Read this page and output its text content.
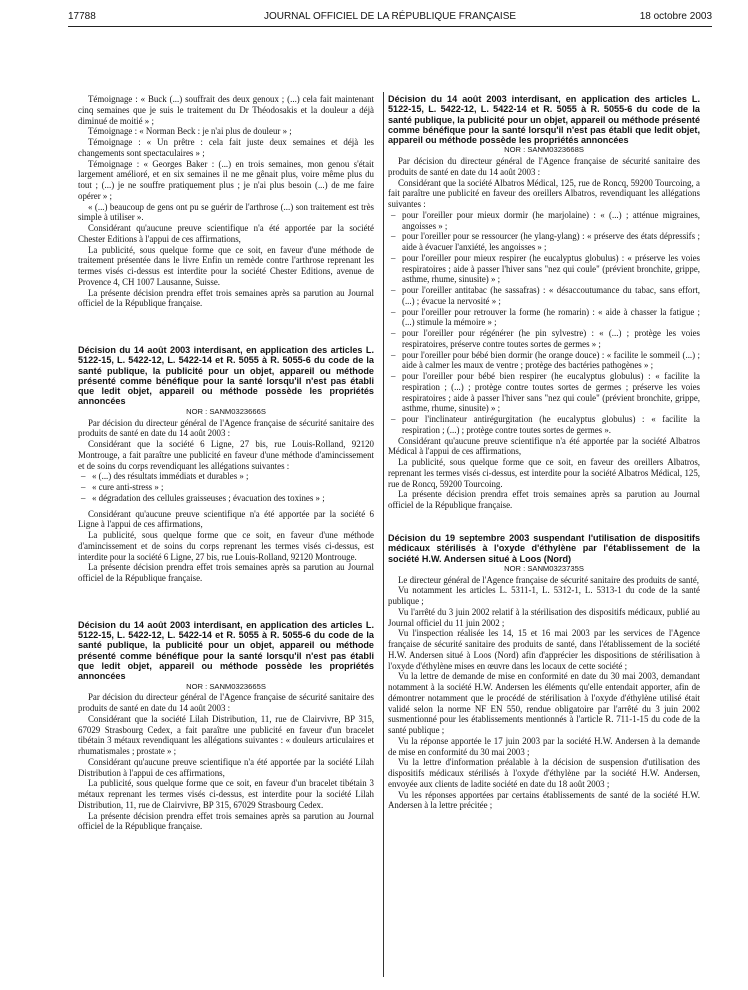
17788	JOURNAL OFFICIEL DE LA RÉPUBLIQUE FRANÇAISE	18 octobre 2003

Témoignage : « Buck (...) souffrait des deux genoux ; (...) cela fait maintenant cinq semaines que je suis le traitement du Dr Théodosakis et la douleur a déjà diminué de moitié » ;

Témoignage : « Norman Beck : je n'ai plus de douleur » ;

Témoignage : « Un prêtre : cela fait juste deux semaines et déjà les changements sont spectaculaires » ;

Témoignage : « Georges Baker : (...) en trois semaines, mon genou s'était largement amélioré, et en six semaines il ne me gênait plus, voire même plus du tout ; (...) je ne souffre pratiquement plus ; je n'ai plus besoin (...) de me faire opérer » ;

« (...) beaucoup de gens ont pu se guérir de l'arthrose (...) son traitement est très simple à utiliser ».

Considérant qu'aucune preuve scientifique n'a été apportée par la société Chester Editions à l'appui de ces affirmations,

La publicité, sous quelque forme que ce soit, en faveur d'une méthode de traitement présentée dans le livre Enfin un remède contre l'arthrose reprenant les termes visés ci-dessus est interdite pour la société Chester Editions, avenue de Provence 4, CH 1007 Lausanne, Suisse.

La présente décision prendra effet trois semaines après sa parution au Journal officiel de la République française.

Décision du 14 août 2003 interdisant, en application des articles L. 5122-15, L. 5422-12, L. 5422-14 et R. 5055 à R. 5055-6 du code de la santé publique, la publicité pour un objet, appareil ou méthode présenté comme bénéfique pour la santé lorsqu'il n'est pas établi que ledit objet, appareil ou méthode possède les propriétés annoncées

NOR : SANM0323666S

Par décision du directeur général de l'Agence française de sécurité sanitaire des produits de santé en date du 14 août 2003 :

Considérant que la société 6 Ligne, 27 bis, rue Louis-Rolland, 92120 Montrouge, a fait paraître une publicité en faveur d'une méthode d'amincissement et de soins du corps revendiquant les allégations suivantes :

– « (...) des résultats immédiats et durables » ;
– « cure anti-stress » ;
– « dégradation des cellules graisseuses ; évacuation des toxines » ;

Considérant qu'aucune preuve scientifique n'a été apportée par la société 6 Ligne à l'appui de ces affirmations,

La publicité, sous quelque forme que ce soit, en faveur d'une méthode d'amincissement et de soins du corps reprenant les termes visés ci-dessus, est interdite pour la société 6 Ligne, 27 bis, rue Louis-Rolland, 92120 Montrouge.

La présente décision prendra effet trois semaines après sa parution au Journal officiel de la République française.

Décision du 14 août 2003 interdisant, en application des articles L. 5122-15, L. 5422-12, L. 5422-14 et R. 5055 à R. 5055-6 du code de la santé publique, la publicité pour un objet, appareil ou méthode présenté comme bénéfique pour la santé lorsqu'il n'est pas établi que ledit objet, appareil ou méthode possède les propriétés annoncées

NOR : SANM0323665S

Par décision du directeur général de l'Agence française de sécurité sanitaire des produits de santé en date du 14 août 2003 :

Considérant que la société Lilah Distribution, 11, rue de Clairvivre, BP 315, 67029 Strasbourg Cedex, a fait paraître une publicité en faveur d'un bracelet tibétain 3 métaux revendiquant les allégations suivantes : « douleurs articulaires et rhumatismales ; prostate » ;

Considérant qu'aucune preuve scientifique n'a été apportée par la société Lilah Distribution à l'appui de ces affirmations,

La publicité, sous quelque forme que ce soit, en faveur d'un bracelet tibétain 3 métaux reprenant les termes visés ci-dessus, est interdite pour la société Lilah Distribution, 11, rue de Clairvivre, BP 315, 67029 Strasbourg Cedex.

La présente décision prendra effet trois semaines après sa parution au Journal officiel de la République française.

Décision du 14 août 2003 interdisant, en application des articles L. 5122-15, L. 5422-12, L. 5422-14 et R. 5055 à R. 5055-6 du code de la santé publique, la publicité pour un objet, appareil ou méthode présenté comme bénéfique pour la santé lorsqu'il n'est pas établi que ledit objet, appareil ou méthode possède les propriétés annoncées

NOR : SANM0323668S

Par décision du directeur général de l'Agence française de sécurité sanitaire des produits de santé en date du 14 août 2003 :

Considérant que la société Albatros Médical, 125, rue de Roncq, 59200 Tourcoing, a fait paraître une publicité en faveur des oreillers Albatros, revendiquant les allégations suivantes :

– pour l'oreiller pour mieux dormir (he marjolaine) : « (...) ; atténue migraines, angoisses » ;
– pour l'oreiller pour se ressourcer (he ylang-ylang) : « préserve des états dépressifs ; aide à évacuer l'anxiété, les angoisses » ;
– pour l'oreiller pour mieux respirer (he eucalyptus globulus) : « préserve les voies respiratoires ; aide à passer l'hiver sans "nez qui coule" (prévient bronchite, grippe, asthme, rhume, sinusite) » ;
– pour l'oreiller antitabac (he sassafras) : « désaccoutumance du tabac, sans effort, (...) ; évacue la nervosité » ;
– pour l'oreiller pour retrouver la forme (he romarin) : « aide à chasser la fatigue ; (...) stimule la mémoire » ;
– pour l'oreiller pour régénérer (he pin sylvestre) : « (...) ; protège les voies respiratoires, préserve contre toutes sortes de germes » ;
– pour l'oreiller pour bébé bien dormir (he orange douce) : « facilite le sommeil (...) ; aide à calmer les maux de ventre ; protège des bactéries pathogènes » ;
– pour l'oreiller pour bébé bien respirer (he eucalyptus globulus) : « facilite la respiration ; (...) ; protège contre toutes sortes de germes ; préserve les voies respiratoires ; aide à passer l'hiver sans "nez qui coule" (prévient bronchite, grippe, asthme, rhume, sinusite) » ;
– pour l'inclinateur antirégurgitation (he eucalyptus globulus) : « facilite la respiration ; (...) ; protège contre toutes sortes de germes ».

Considérant qu'aucune preuve scientifique n'a été apportée par la société Albatros Médical à l'appui de ces affirmations,

La publicité, sous quelque forme que ce soit, en faveur des oreillers Albatros, reprenant les termes visés ci-dessus, est interdite pour la société Albatros Médical, 125, rue de Roncq, 59200 Tourcoing.

La présente décision prendra effet trois semaines après sa parution au Journal officiel de la République française.

Décision du 19 septembre 2003 suspendant l'utilisation de dispositifs médicaux stérilisés à l'oxyde d'éthylène par l'établissement de la société H.W. Andersen situé à Loos (Nord)

NOR : SANM0323735S

Le directeur général de l'Agence française de sécurité sanitaire des produits de santé,

Vu notamment les articles L. 5311-1, L. 5312-1, L. 5313-1 du code de la santé publique ;

Vu l'arrêté du 3 juin 2002 relatif à la stérilisation des dispositifs médicaux, publié au Journal officiel du 11 juin 2002 ;

Vu l'inspection réalisée les 14, 15 et 16 mai 2003 par les services de l'Agence française de sécurité sanitaire des produits de santé, dans l'établissement de la société H.W. Andersen situé à Loos (Nord) afin d'apprécier les dispositions de stérilisation à l'oxyde d'éthylène mises en œuvre dans les locaux de cette société ;

Vu la lettre de demande de mise en conformité en date du 30 mai 2003, demandant notamment à la société H.W. Andersen les éléments qu'elle entendait apporter, afin de démontrer notamment que le procédé de stérilisation à l'oxyde d'éthylène utilisé était validé selon la norme NF EN 550, rendue obligatoire par l'arrêté du 3 juin 2002 susmentionné pour les établissements mentionnés à l'article R. 711-1-15 du code de la santé publique ;

Vu la réponse apportée le 17 juin 2003 par la société H.W. Andersen à la demande de mise en conformité du 30 mai 2003 ;

Vu la lettre d'information préalable à la décision de suspension d'utilisation des dispositifs médicaux stérilisés à l'oxyde d'éthylène par la société H.W. Andersen, envoyée aux clients de ladite société en date du 18 août 2003 ;

Vu les réponses apportées par certains établissements de santé de la société H.W. Andersen à la lettre précitée ;
